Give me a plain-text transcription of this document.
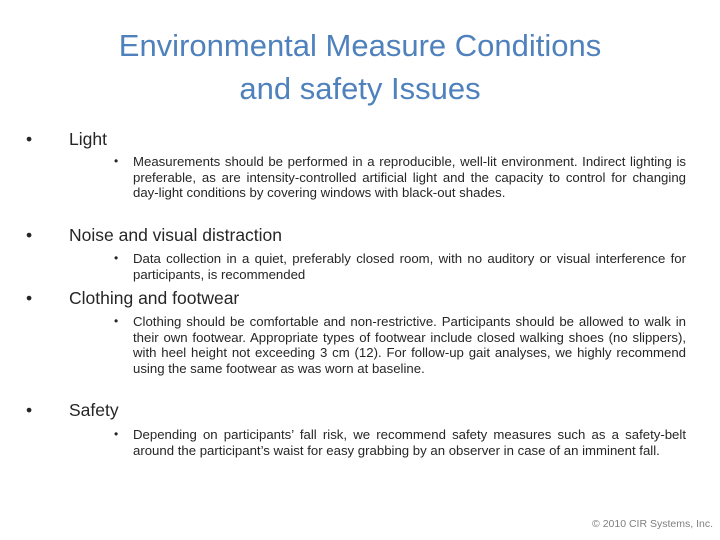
Environmental Measure Conditions
and safety Issues
• Light
•	Measurements should be performed in a reproducible, well-lit environment. Indirect lighting is preferable, as are intensity-controlled artificial light and the capacity to control for changing day-light conditions by covering windows with black-out shades.
• Noise and visual distraction
•	Data collection in a quiet, preferably closed room, with no auditory or visual interference for participants, is recommended
• Clothing and footwear
•	Clothing should be comfortable and non-restrictive. Participants should be allowed to walk in their own footwear. Appropriate types of footwear include closed walking shoes (no slippers), with heel height not exceeding 3 cm (12). For follow-up gait analyses, we highly recommend using the same footwear as was worn at baseline.
• Safety
•	Depending on participants’ fall risk, we recommend safety measures such as a safety-belt around the participant’s waist for easy grabbing by an observer in case of an imminent fall.
© 2010 CIR Systems, Inc.
